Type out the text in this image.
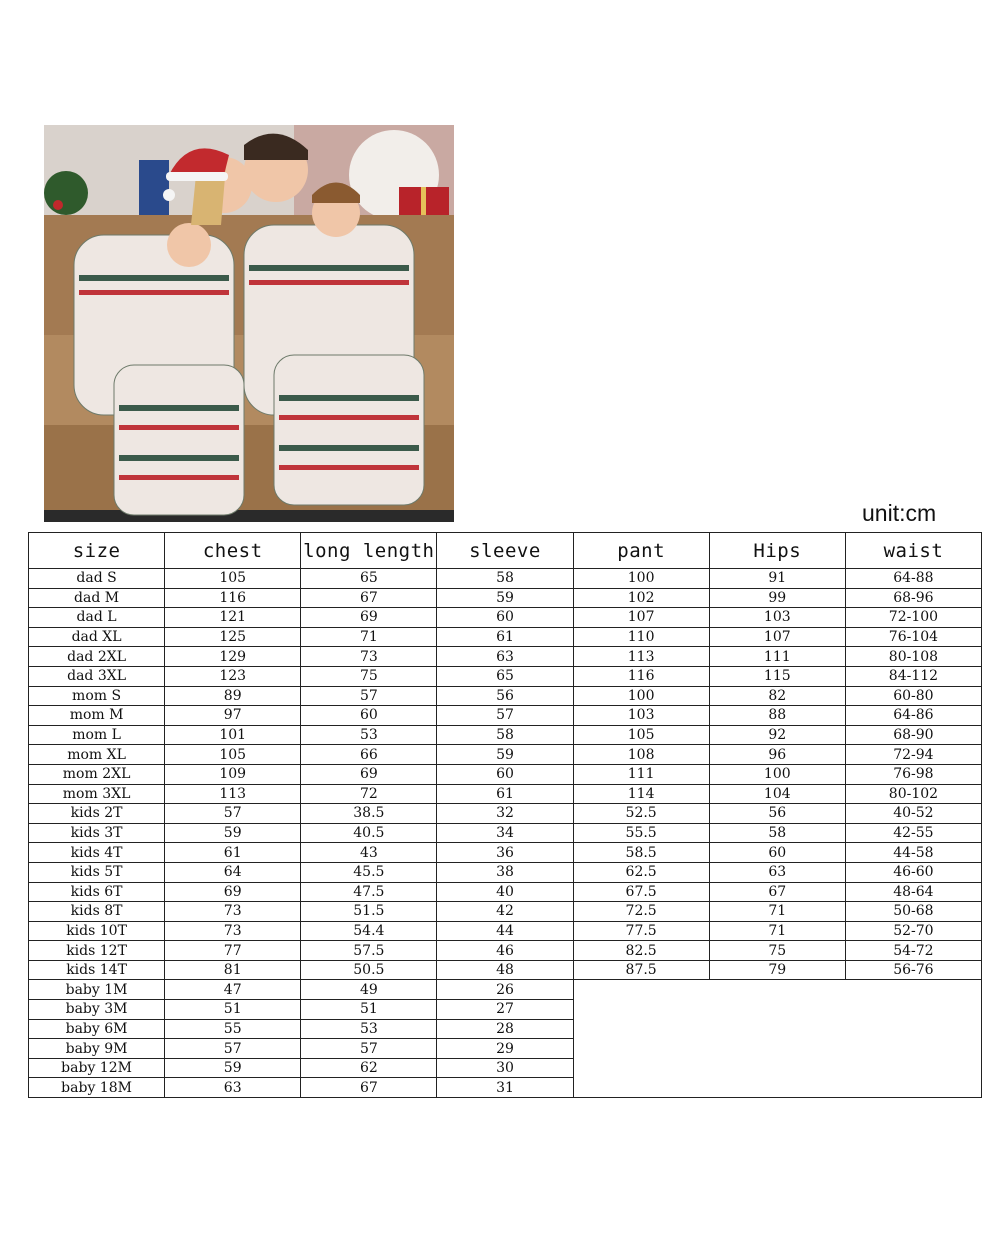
unit:cm
size	chest	long length	sleeve	pant	Hips	waist
dad S	105	65	58	100	91	64-88
dad M	116	67	59	102	99	68-96
dad L	121	69	60	107	103	72-100
dad XL	125	71	61	110	107	76-104
dad 2XL	129	73	63	113	111	80-108
dad 3XL	123	75	65	116	115	84-112
mom S	89	57	56	100	82	60-80
mom M	97	60	57	103	88	64-86
mom L	101	53	58	105	92	68-90
mom XL	105	66	59	108	96	72-94
mom 2XL	109	69	60	111	100	76-98
mom 3XL	113	72	61	114	104	80-102
kids 2T	57	38.5	32	52.5	56	40-52
kids 3T	59	40.5	34	55.5	58	42-55
kids 4T	61	43	36	58.5	60	44-58
kids 5T	64	45.5	38	62.5	63	46-60
kids 6T	69	47.5	40	67.5	67	48-64
kids 8T	73	51.5	42	72.5	71	50-68
kids 10T	73	54.4	44	77.5	71	52-70
kids 12T	77	57.5	46	82.5	75	54-72
kids 14T	81	50.5	48	87.5	79	56-76
baby 1M	47	49	26			
baby 3M	51	51	27			
baby 6M	55	53	28			
baby 9M	57	57	29			
baby 12M	59	62	30			
baby 18M	63	67	31			
